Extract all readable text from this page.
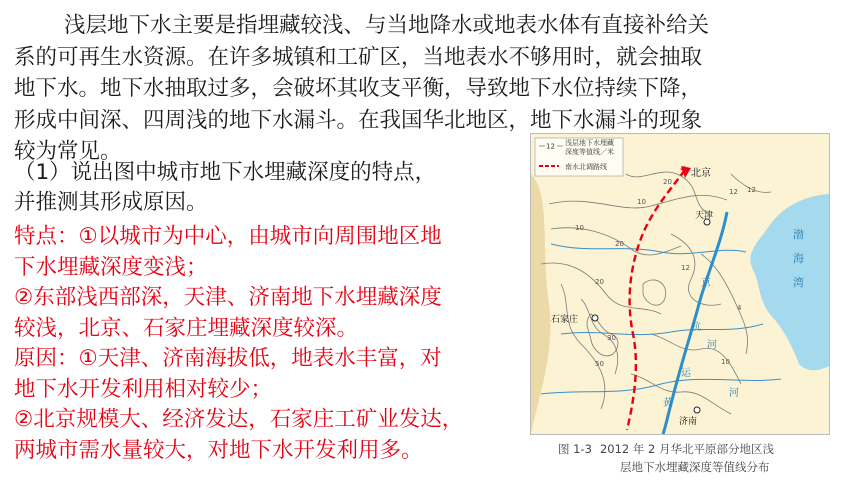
浅层地下水主要是指埋藏较浅、与当地降水或地表水体有直接补给关
系的可再生水资源。在许多城镇和工矿区，当地表水不够用时，就会抽取
地下水。地下水抽取过多，会破坏其收支平衡，导致地下水位持续下降，
形成中间深、四周浅的地下水漏斗。在我国华北地区，地下水漏斗的现象
较为常见。

（1）说出图中城市地下水埋藏深度的特点，
并推测其形成原因。

特点：①以城市为中心，由城市向周围地区地
下水埋藏深度变浅；
②东部浅西部深，天津、济南地下水埋藏深度
较浅，北京、石家庄埋藏深度较深。
原因：①天津、济南海拔低，地表水丰富，对
地下水开发利用相对较少；
②北京规模大、经济发达，石家庄工矿业发达，
两城市需水量较大，对地下水开发利用多。
★
12 浅层地下水埋藏
深度等值线／米
南水北调路线
北京
天津
石家庄
济南
渤
海
湾
京
杭
运
河
黄
河
10
20
12 12
10
20
12
20
30
50	10
4
图 1-3 2012 年 2 月华北平原部分地区浅
层地下水埋藏深度等值线分布
